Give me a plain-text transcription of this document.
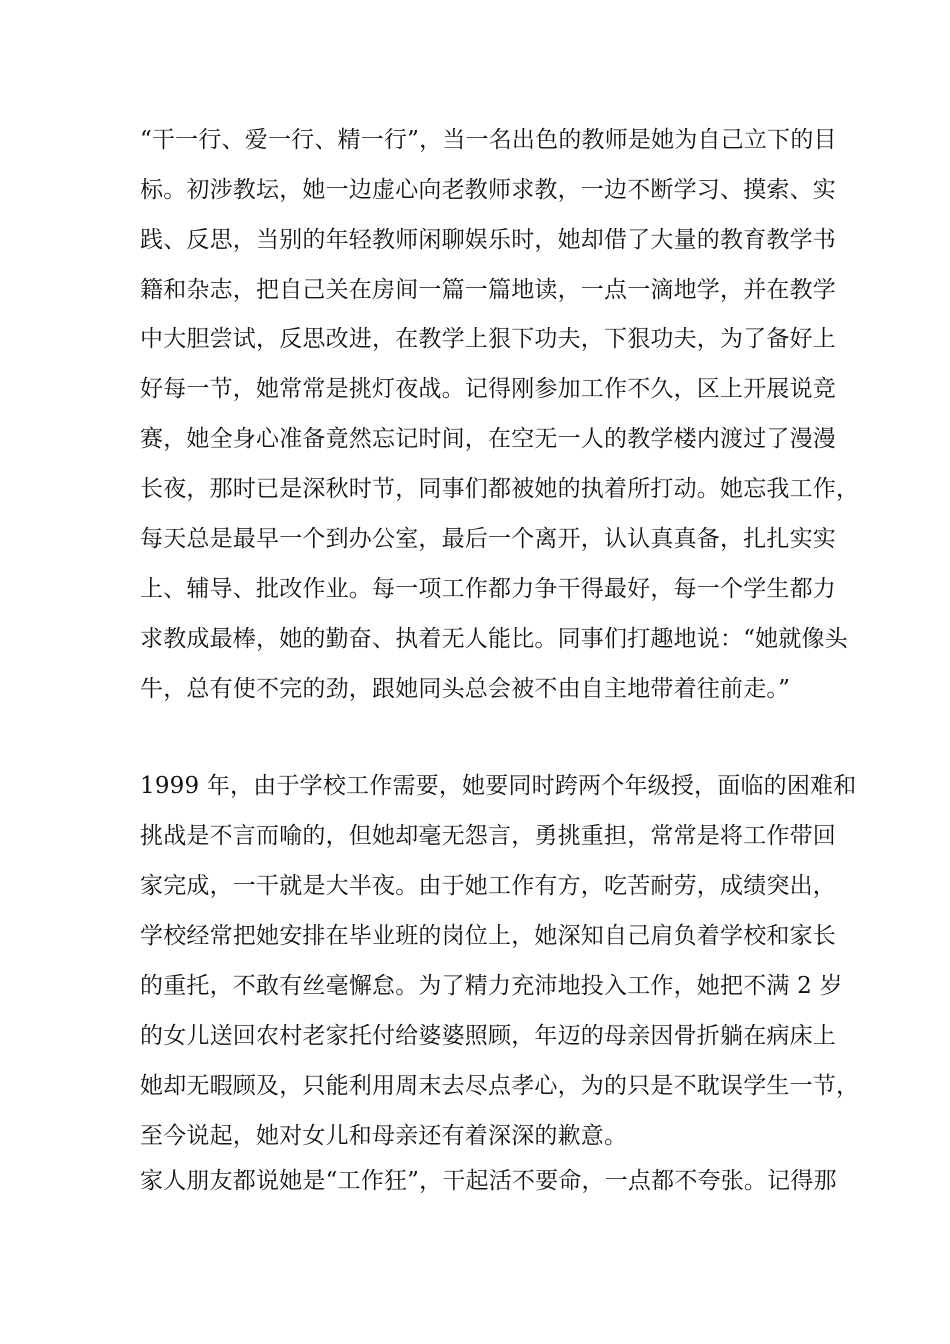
“干一行、爱一行、精一行”，当一名出色的教师是她为自己立下的目
标。初涉教坛，她一边虚心向老教师求教，一边不断学习、摸索、实
践、反思，当别的年轻教师闲聊娱乐时，她却借了大量的教育教学书
籍和杂志，把自己关在房间一篇一篇地读，一点一滴地学，并在教学
中大胆尝试，反思改进，在教学上狠下功夫，下狠功夫，为了备好上
好每一节，她常常是挑灯夜战。记得刚参加工作不久，区上开展说竞
赛，她全身心准备竟然忘记时间，在空无一人的教学楼内渡过了漫漫
长夜，那时已是深秋时节，同事们都被她的执着所打动。她忘我工作，
每天总是最早一个到办公室，最后一个离开，认认真真备，扎扎实实
上、辅导、批改作业。每一项工作都力争干得最好，每一个学生都力
求教成最棒，她的勤奋、执着无人能比。同事们打趣地说：“她就像头
牛，总有使不完的劲，跟她同头总会被不由自主地带着往前走。”
1999 年，由于学校工作需要，她要同时跨两个年级授，面临的困难和
挑战是不言而喻的，但她却毫无怨言，勇挑重担，常常是将工作带回
家完成，一干就是大半夜。由于她工作有方，吃苦耐劳，成绩突出，
学校经常把她安排在毕业班的岗位上，她深知自己肩负着学校和家长
的重托，不敢有丝毫懈怠。为了精力充沛地投入工作，她把不满 2 岁
的女儿送回农村老家托付给婆婆照顾，年迈的母亲因骨折躺在病床上
她却无暇顾及，只能利用周末去尽点孝心，为的只是不耽误学生一节，
至今说起，她对女儿和母亲还有着深深的歉意。
家人朋友都说她是“工作狂”，干起活不要命，一点都不夸张。记得那
